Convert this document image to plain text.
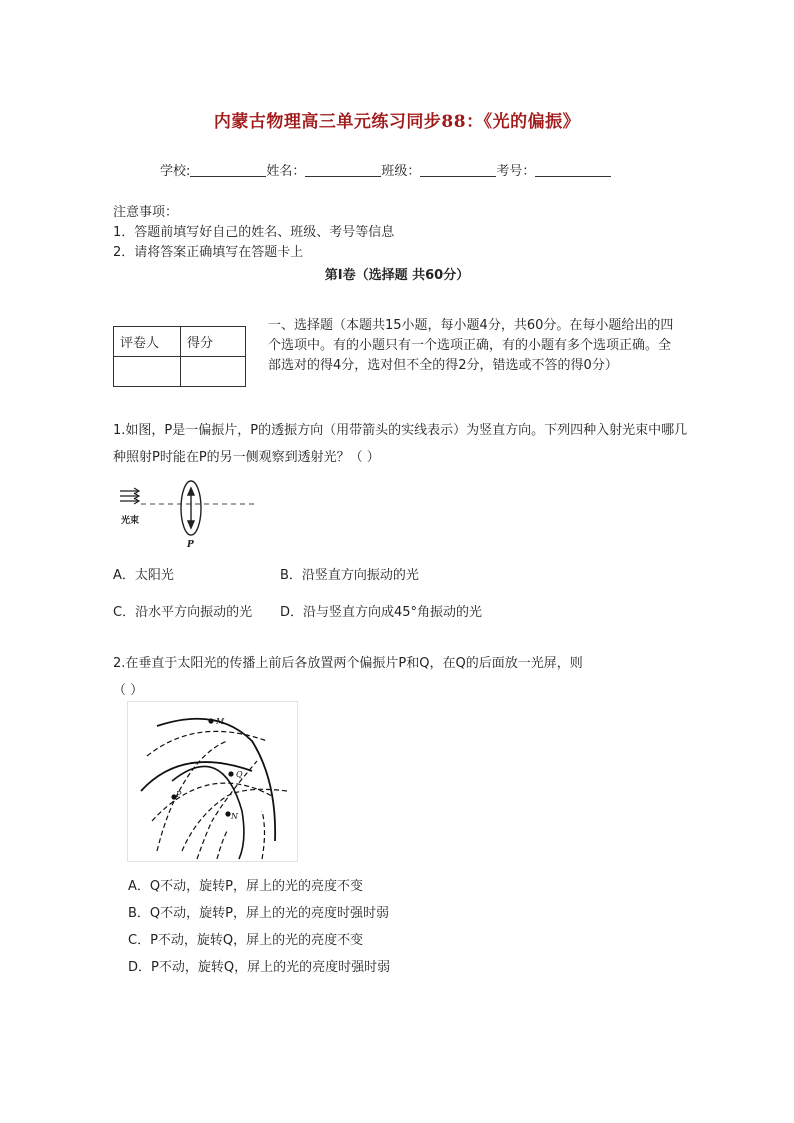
内蒙古物理高三单元练习同步88：《光的偏振》
学校:	姓名：	班级：	考号：
注意事项：
1．答题前填写好自己的姓名、班级、考号等信息
2．请将答案正确填写在答题卡上
第I卷（选择题 共60分）
评卷人	得分

一、选择题（本题共15小题，每小题4分，共60分。在每小题给出的四个选项中。有的小题只有一个选项正确，有的小题有多个选项正确。全部选对的得4分，选对但不全的得2分，错选或不答的得0分）
1.如图，P是一偏振片，P的透振方向（用带箭头的实线表示）为竖直方向。下列四种入射光束中哪几种照射P时能在P的另一侧观察到透射光？（ ）
光束
P
A．太阳光	B．沿竖直方向振动的光
C．沿水平方向振动的光 D．沿与竖直方向成45°角振动的光
2.在垂直于太阳光的传播上前后各放置两个偏振片P和Q，在Q的后面放一光屏，则
（ ）
M
Q
P
N
A．Q不动，旋转P，屏上的光的亮度不变
B．Q不动，旋转P，屏上的光的亮度时强时弱
C．P不动，旋转Q，屏上的光的亮度不变
D．P不动，旋转Q，屏上的光的亮度时强时弱
